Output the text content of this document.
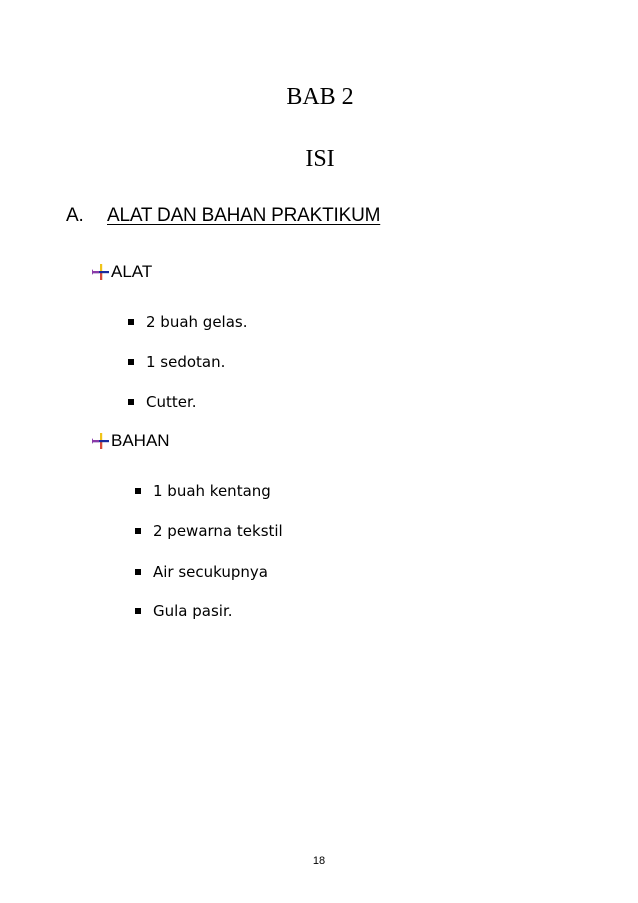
BAB 2
ISI
A.	ALAT DAN BAHAN PRAKTIKUM
ALAT
2 buah gelas.
1 sedotan.
Cutter.
BAHAN
1 buah kentang
2 pewarna tekstil
Air secukupnya
Gula pasir.
18
